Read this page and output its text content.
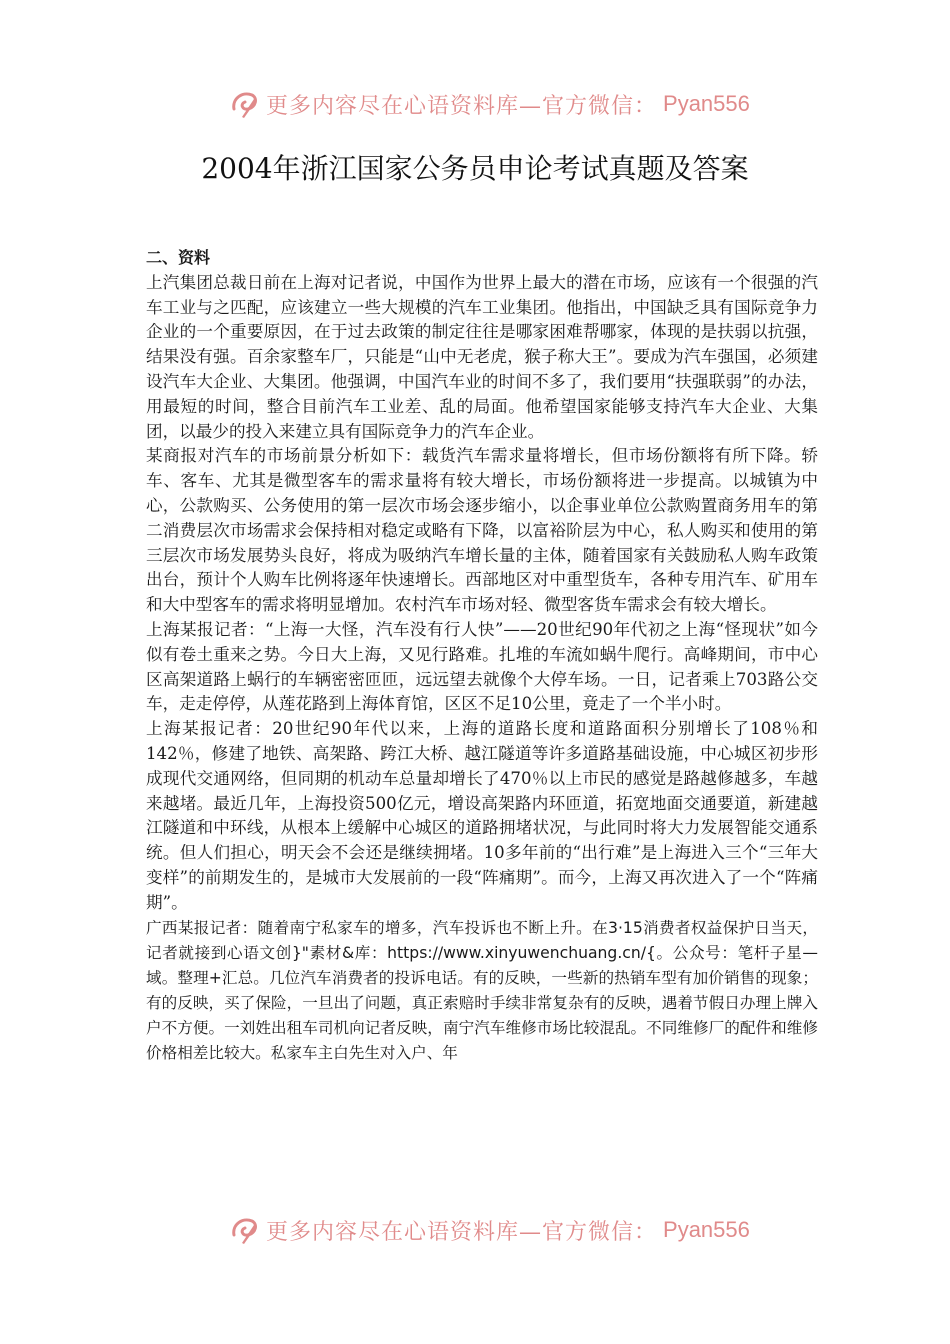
更多内容尽在心语资料库—官方微信： Pyan556
2004年浙江国家公务员申论考试真题及答案

二、资料

上汽集团总裁日前在上海对记者说，中国作为世界上最大的潜在市场，应该有一个很强的汽车工业与之匹配，应该建立一些大规模的汽车工业集团。他指出，中国缺乏具有国际竞争力企业的一个重要原因，在于过去政策的制定往往是哪家困难帮哪家，体现的是扶弱以抗强，结果没有强。百余家整车厂，只能是“山中无老虎，猴子称大王”。要成为汽车强国，必须建设汽车大企业、大集团。他强调，中国汽车业的时间不多了，我们要用“扶强联弱”的办法，用最短的时间，整合目前汽车工业差、乱的局面。他希望国家能够支持汽车大企业、大集团，以最少的投入来建立具有国际竞争力的汽车企业。

某商报对汽车的市场前景分析如下：载货汽车需求量将增长，但市场份额将有所下降。轿车、客车、尤其是微型客车的需求量将有较大增长，市场份额将进一步提高。以城镇为中心，公款购买、公务使用的第一层次市场会逐步缩小，以企事业单位公款购置商务用车的第二消费层次市场需求会保持相对稳定或略有下降，以富裕阶层为中心，私人购买和使用的第三层次市场发展势头良好，将成为吸纳汽车增长量的主体，随着国家有关鼓励私人购车政策出台，预计个人购车比例将逐年快速增长。西部地区对中重型货车，各种专用汽车、矿用车和大中型客车的需求将明显增加。农村汽车市场对轻、微型客货车需求会有较大增长。

上海某报记者：“上海一大怪，汽车没有行人快”——20世纪90年代初之上海“怪现状”如今似有卷土重来之势。今日大上海，又见行路难。扎堆的车流如蜗牛爬行。高峰期间，市中心区高架道路上蜗行的车辆密密匝匝，远远望去就像个大停车场。一日，记者乘上703路公交车，走走停停，从莲花路到上海体育馆，区区不足10公里，竟走了一个半小时。

上海某报记者：20世纪90年代以来，上海的道路长度和道路面积分别增长了108％和142％，修建了地铁、高架路、跨江大桥、越江隧道等许多道路基础设施，中心城区初步形成现代交通网络，但同期的机动车总量却增长了470％以上市民的感觉是路越修越多，车越来越堵。最近几年，上海投资500亿元，增设高架路内环匝道，拓宽地面交通要道，新建越江隧道和中环线，从根本上缓解中心城区的道路拥堵状况，与此同时将大力发展智能交通系统。但人们担心，明天会不会还是继续拥堵。10多年前的“出行难”是上海进入三个“三年大变样”的前期发生的，是城市大发展前的一段“阵痛期”。而今，上海又再次进入了一个“阵痛期”。

广西某报记者：随着南宁私家车的增多，汽车投诉也不断上升。在3·15消费者权益保护日当天，记者就接到心语文创}"素材&库：https://www.xinyuwenchuang.cn/{。公众号：笔杆子星—域。整理+汇总。几位汽车消费者的投诉电话。有的反映，一些新的热销车型有加价销售的现象；有的反映，买了保险，一旦出了问题，真正索赔时手续非常复杂有的反映，遇着节假日办理上牌入户不方便。一刘姓出租车司机向记者反映，南宁汽车维修市场比较混乱。不同维修厂的配件和维修价格相差比较大。私家车主白先生对入户、年

更多内容尽在心语资料库—官方微信： Pyan556
